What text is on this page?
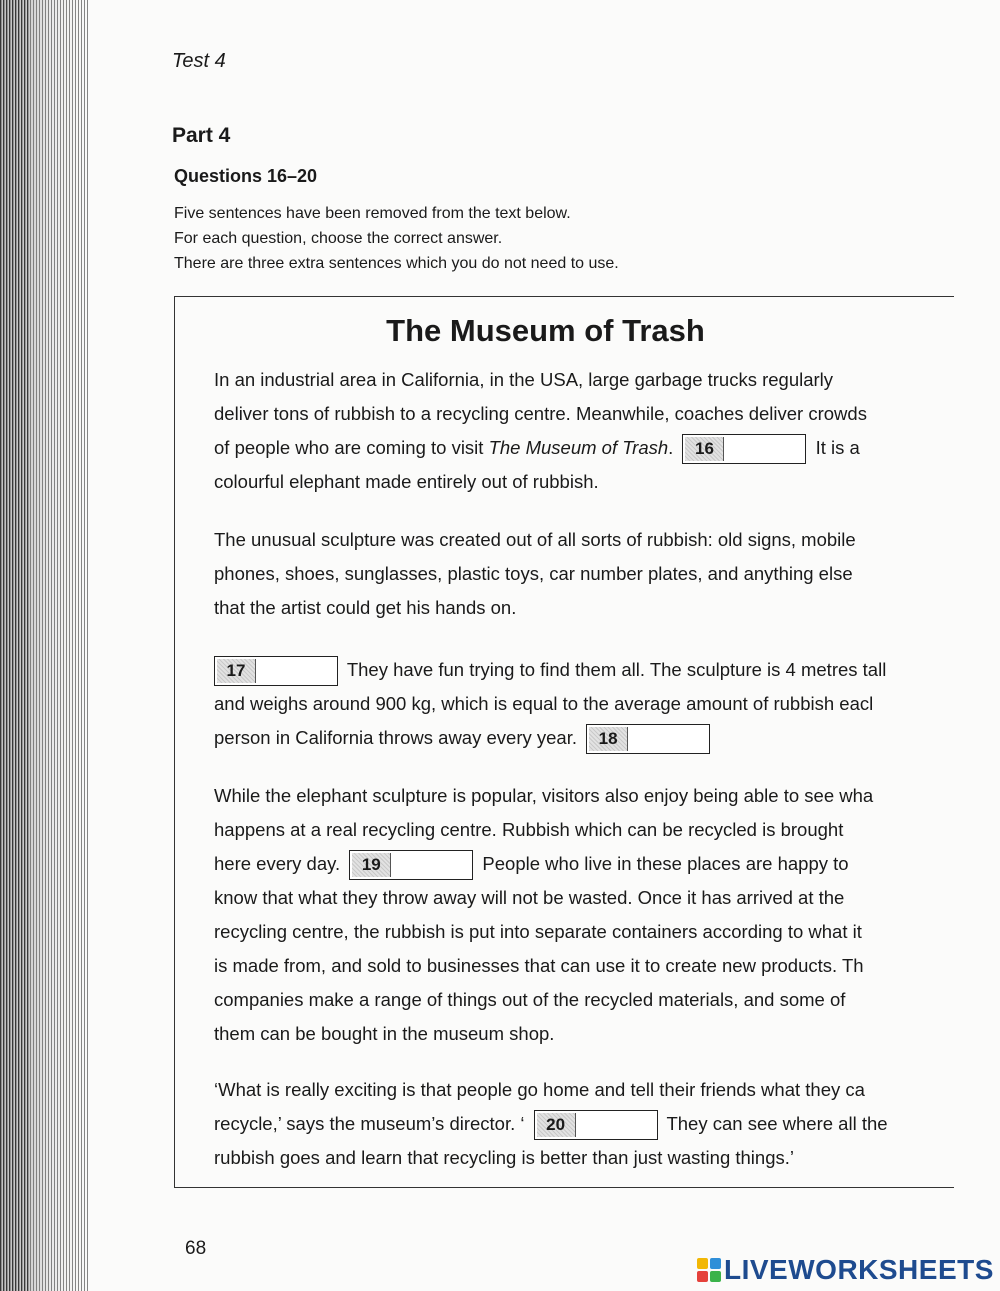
Test 4
Part 4
Questions 16–20
Five sentences have been removed from the text below.
For each question, choose the correct answer.
There are three extra sentences which you do not need to use.
The Museum of Trash
In an industrial area in California, in the USA, large garbage trucks regularly
deliver tons of rubbish to a recycling centre. Meanwhile, coaches deliver crowds
of people who are coming to visit The Museum of Trash.	16	It is a
colourful elephant made entirely out of rubbish.
The unusual sculpture was created out of all sorts of rubbish: old signs, mobile
phones, shoes, sunglasses, plastic toys, car number plates, and anything else
that the artist could get his hands on.
17	They have fun trying to find them all. The sculpture is 4 metres tall
and weighs around 900 kg, which is equal to the average amount of rubbish eacl
person in California throws away every year.	18
While the elephant sculpture is popular, visitors also enjoy being able to see wha
happens at a real recycling centre. Rubbish which can be recycled is brought
here every day.	19	People who live in these places are happy to
know that what they throw away will not be wasted. Once it has arrived at the
recycling centre, the rubbish is put into separate containers according to what it
is made from, and sold to businesses that can use it to create new products. Th
companies make a range of things out of the recycled materials, and some of
them can be bought in the museum shop.
‘What is really exciting is that people go home and tell their friends what they ca
recycle,’ says the museum’s director. ‘	20	They can see where all the
rubbish goes and learn that recycling is better than just wasting things.’
68
LIVEWORKSHEETS
